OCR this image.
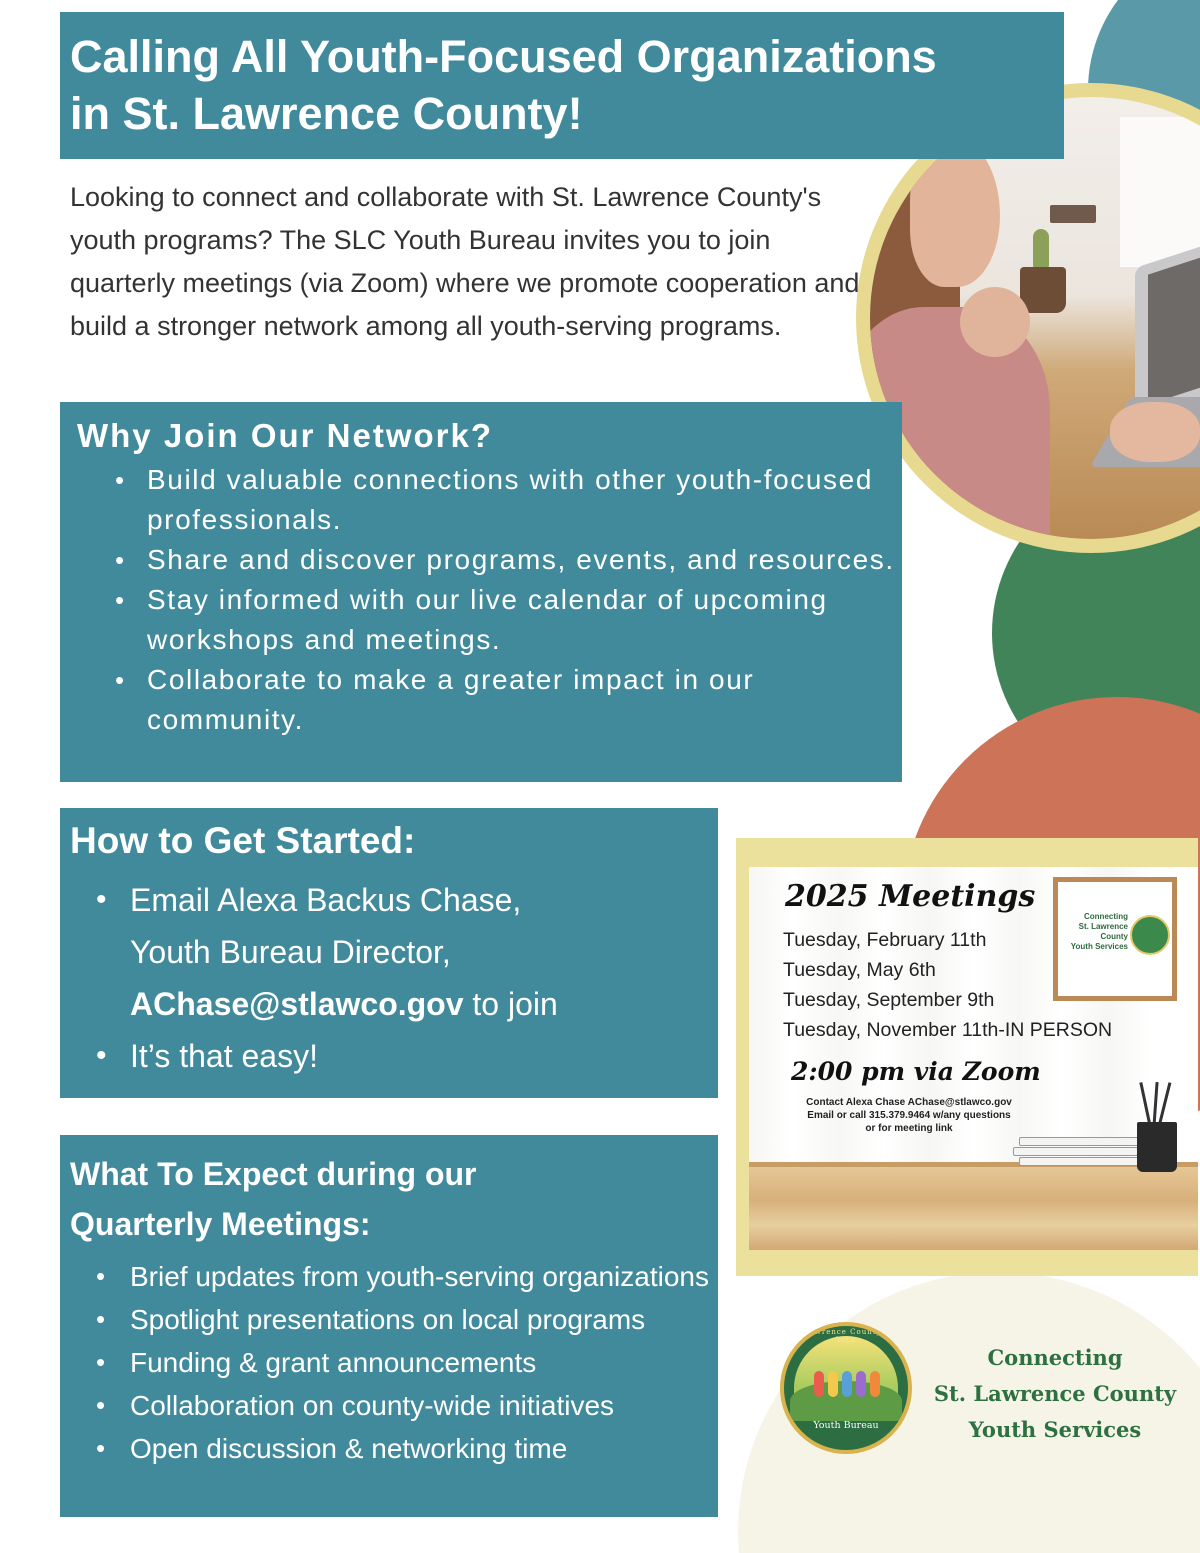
Calling All Youth-Focused Organizations
in St. Lawrence County!

Looking to connect and collaborate with St. Lawrence County's youth programs? The SLC Youth Bureau invites you to join quarterly meetings (via Zoom) where we promote cooperation and build a stronger network among all youth-serving programs.

Why Join Our Network?
• Build valuable connections with other youth-focused professionals.
• Share and discover programs, events, and resources.
• Stay informed with our live calendar of upcoming workshops and meetings.
• Collaborate to make a greater impact in our community.
How to Get Started:
• Email Alexa Backus Chase,
Youth Bureau Director,
AChase@stlawco.gov to join
• It’s that easy!
What To Expect during our
Quarterly Meetings:
• Brief updates from youth-serving organizations
• Spotlight presentations on local programs
• Funding & grant announcements
• Collaboration on county-wide initiatives
• Open discussion & networking time
2025 Meetings
Tuesday, February 11th
Tuesday, May 6th
Tuesday, September 9th
Tuesday, November 11th-IN PERSON
2:00 pm via Zoom
Contact Alexa Chase AChase@stlawco.gov
Email or call 315.379.9464 w/any questions
or for meeting link
Connecting
St. Lawrence
County
Youth Services
St. Lawrence County New York
Youth Bureau
Connecting
St. Lawrence County
Youth Services
